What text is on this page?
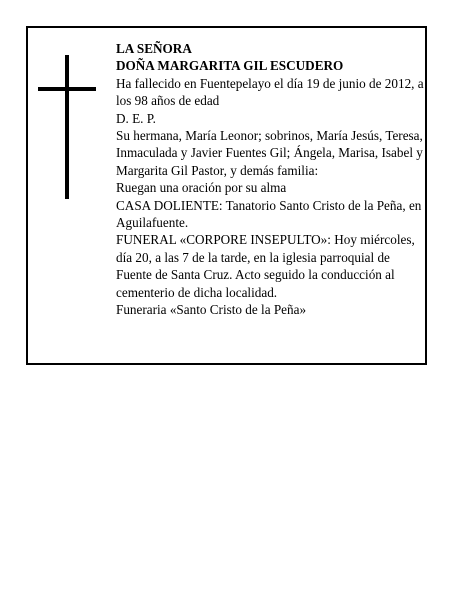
LA SEÑORA

DOÑA MARGARITA GIL ESCUDERO

Ha fallecido en Fuentepelayo el día 19 de junio de 2012, a los 98 años de edad

D. E. P.

Su hermana, María Leonor; sobrinos, María Jesús, Teresa, Inmaculada y Javier Fuentes Gil; Ángela, Marisa, Isabel y Margarita Gil Pastor, y demás familia:

Ruegan una oración por su alma

CASA DOLIENTE: Tanatorio Santo Cristo de la Peña, en Aguilafuente.

FUNERAL «CORPORE INSEPULTO»: Hoy miércoles, día 20, a las 7 de la tarde, en la iglesia parroquial de Fuente de Santa Cruz. Acto seguido la conducción al cementerio de dicha localidad.

Funeraria «Santo Cristo de la Peña»
